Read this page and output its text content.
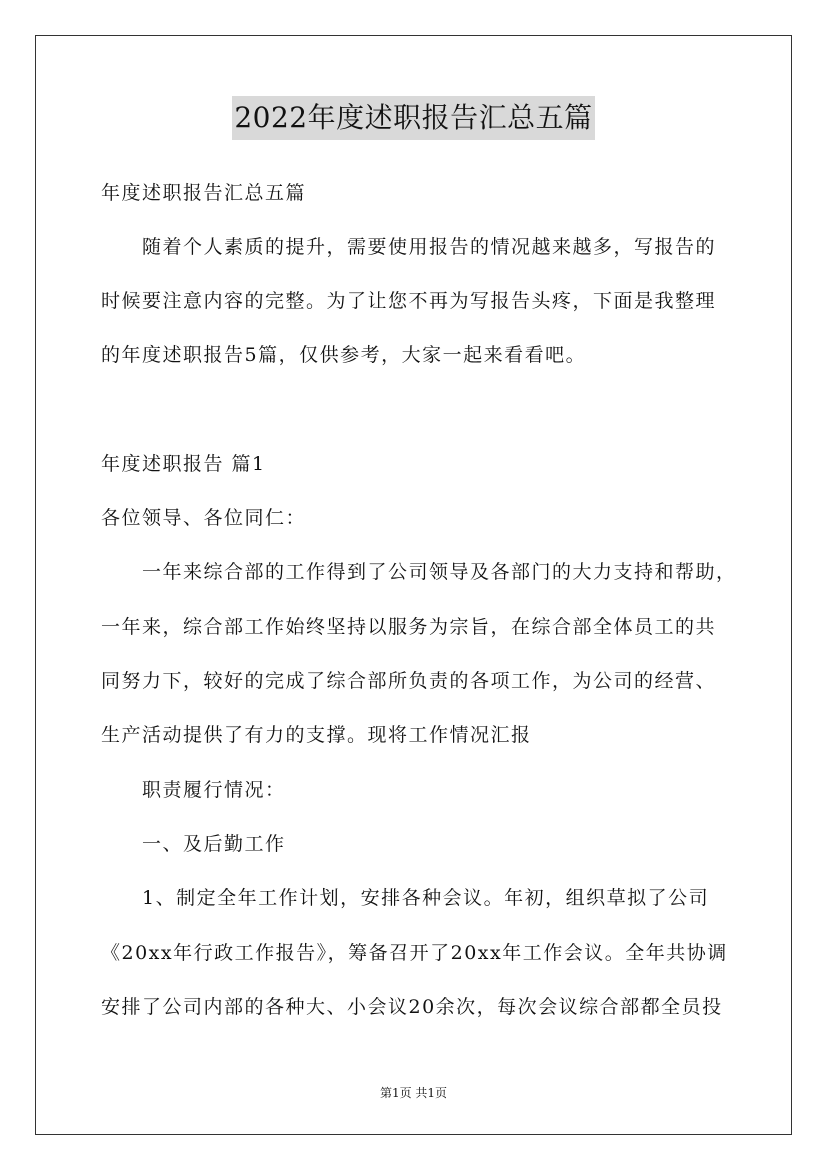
2022年度述职报告汇总五篇
年度述职报告汇总五篇
　　随着个人素质的提升，需要使用报告的情况越来越多，写报告的
时候要注意内容的完整。为了让您不再为写报告头疼，下面是我整理
的年度述职报告5篇，仅供参考，大家一起来看看吧。
年度述职报告 篇1
各位领导、各位同仁：
　　一年来综合部的工作得到了公司领导及各部门的大力支持和帮助，
一年来，综合部工作始终坚持以服务为宗旨，在综合部全体员工的共
同努力下，较好的完成了综合部所负责的各项工作，为公司的经营、
生产活动提供了有力的支撑。现将工作情况汇报
　　职责履行情况：
　　一、及后勤工作
　　1、制定全年工作计划，安排各种会议。年初，组织草拟了公司
《20xx年行政工作报告》，筹备召开了20xx年工作会议。全年共协调
安排了公司内部的各种大、小会议20余次，每次会议综合部都全员投
第1页 共1页
